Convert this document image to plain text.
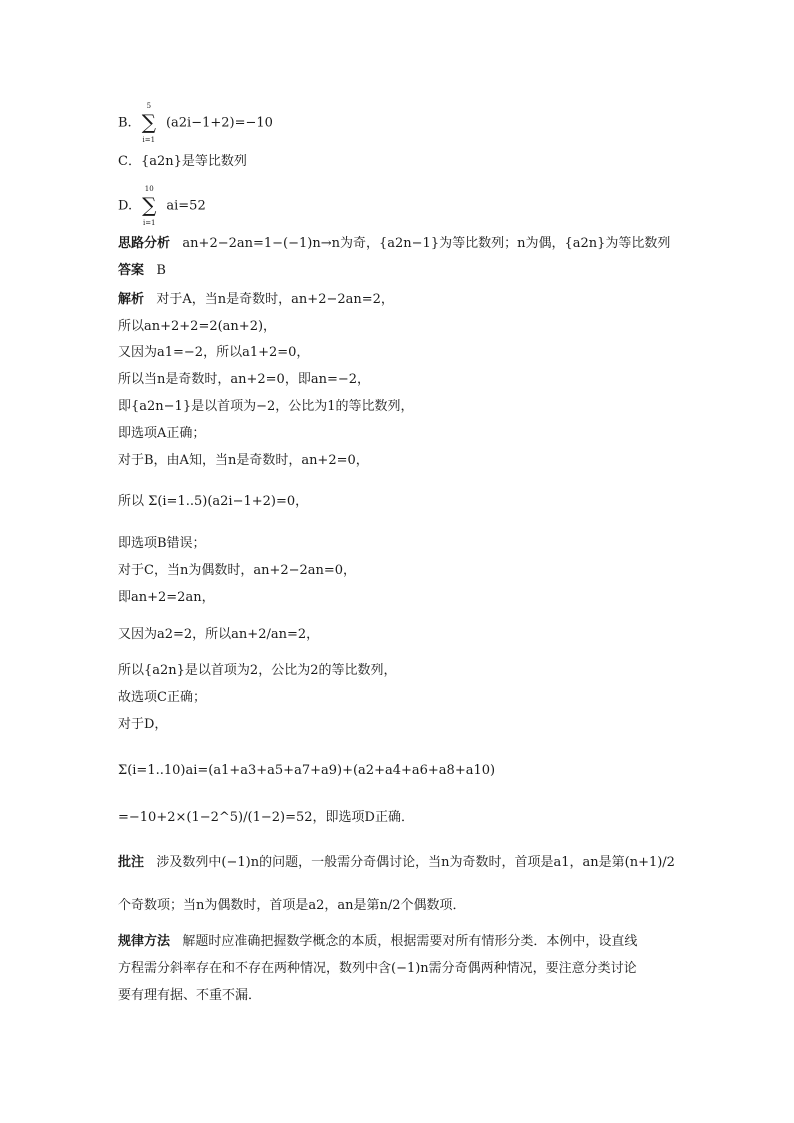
B.
5
∑
i=1
(a2i−1+2)=−10
C．{a2n}是等比数列
D.
10
∑
i=1
ai=52
思路分析 an+2−2an=1−(−1)n→n为奇，{a2n−1}为等比数列；n为偶，{a2n}为等比数列
答案 B
解析 对于A，当n是奇数时，an+2−2an=2，
所以an+2+2=2(an+2)，
又因为a1=−2，所以a1+2=0，
所以当n是奇数时，an+2=0，即an=−2，
即{a2n−1}是以首项为−2，公比为1的等比数列，
即选项A正确；
对于B，由A知，当n是奇数时，an+2=0，
所以 Σ(i=1..5)(a2i−1+2)=0，
即选项B错误；
对于C，当n为偶数时，an+2−2an=0，
即an+2=2an，
又因为a2=2，所以an+2/an=2，
所以{a2n}是以首项为2，公比为2的等比数列，
故选项C正确；
对于D，
Σ(i=1..10)ai=(a1+a3+a5+a7+a9)+(a2+a4+a6+a8+a10)
=−10+2×(1−2^5)/(1−2)=52，即选项D正确．
批注 涉及数列中(−1)n的问题，一般需分奇偶讨论，当n为奇数时，首项是a1，an是第(n+1)/2
个奇数项；当n为偶数时，首项是a2，an是第n/2个偶数项．
规律方法 解题时应准确把握数学概念的本质，根据需要对所有情形分类．本例中，设直线
方程需分斜率存在和不存在两种情况，数列中含(−1)n需分奇偶两种情况，要注意分类讨论
要有理有据、不重不漏．
